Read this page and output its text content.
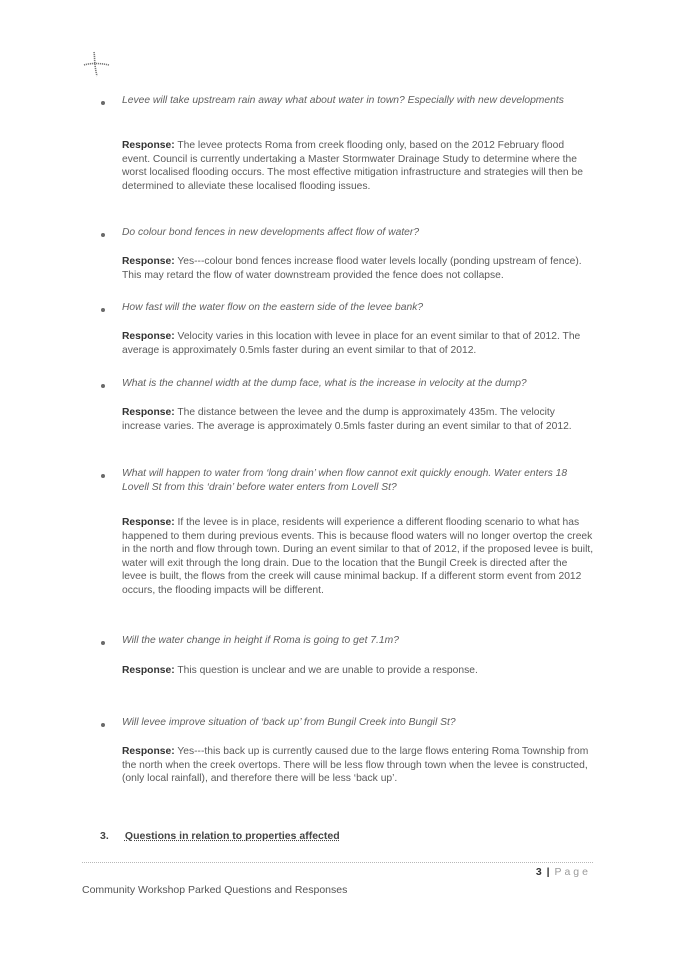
Levee will take upstream rain away what about water in town? Especially with new developments
Response: The levee protects Roma from creek flooding only, based on the 2012 February flood event. Council is currently undertaking a Master Stormwater Drainage Study to determine where the worst localised flooding occurs. The most effective mitigation infrastructure and strategies will then be determined to alleviate these localised flooding issues.
Do colour bond fences in new developments affect flow of water?
Response: Yes---colour bond fences increase flood water levels locally (ponding upstream of fence). This may retard the flow of water downstream provided the fence does not collapse.
How fast will the water flow on the eastern side of the levee bank?
Response: Velocity varies in this location with levee in place for an event similar to that of 2012. The average is approximately 0.5mls faster during an event similar to that of 2012.
What is the channel width at the dump face, what is the increase in velocity at the dump?
Response: The distance between the levee and the dump is approximately 435m. The velocity increase varies. The average is approximately 0.5mls faster during an event similar to that of 2012.
What will happen to water from ‘long drain’ when flow cannot exit quickly enough. Water enters 18 Lovell St from this ‘drain’ before water enters from Lovell St?
Response: If the levee is in place, residents will experience a different flooding scenario to what has happened to them during previous events. This is because flood waters will no longer overtop the creek in the north and flow through town. During an event similar to that of 2012, if the proposed levee is built, water will exit through the long drain. Due to the location that the Bungil Creek is directed after the levee is built, the flows from the creek will cause minimal backup. If a different storm event from 2012 occurs, the flooding impacts will be different.
Will the water change in height if Roma is going to get 7.1m?
Response: This question is unclear and we are unable to provide a response.
Will levee improve situation of ‘back up’ from Bungil Creek into Bungil St?
Response: Yes---this back up is currently caused due to the large flows entering Roma Township from the north when the creek overtops. There will be less flow through town when the levee is constructed, (only local rainfall), and therefore there will be less ‘back up’.
3. Questions in relation to properties affected
3 | Page
Community Workshop Parked Questions and Responses
